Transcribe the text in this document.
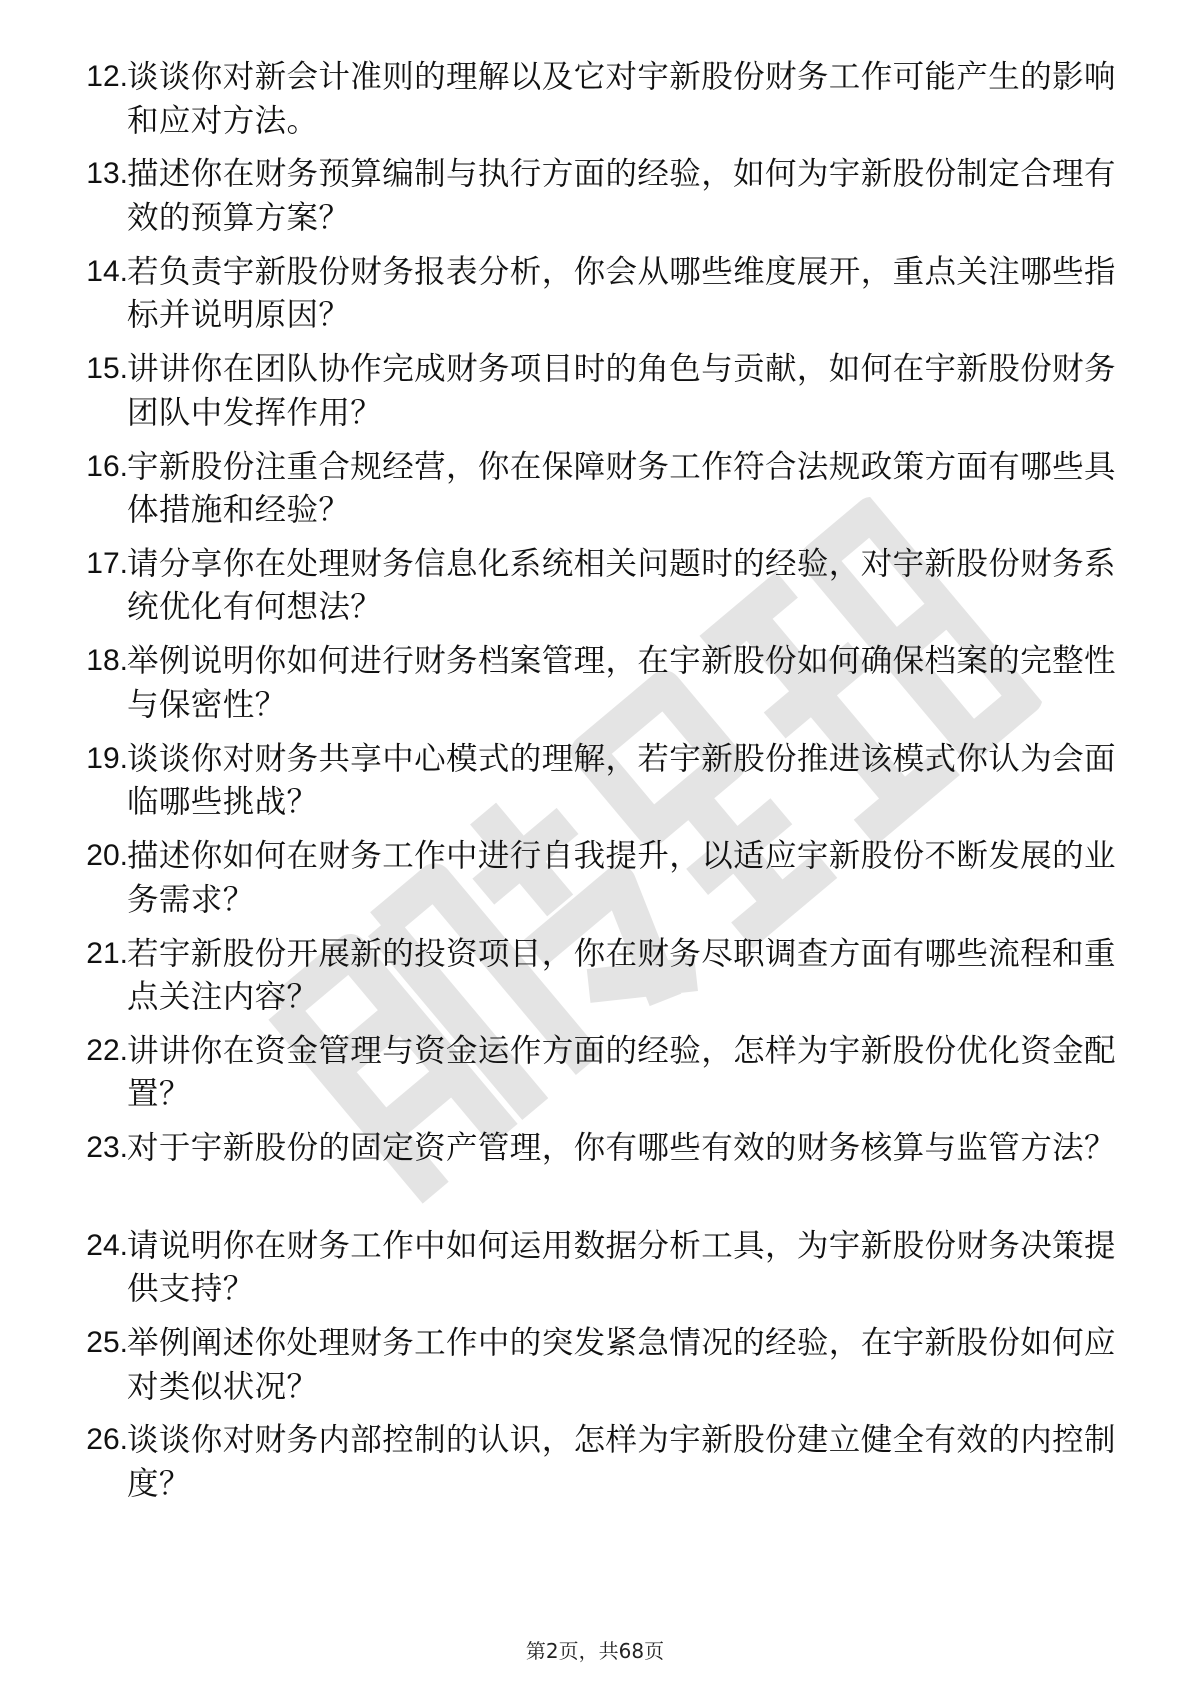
12. 谈谈你对新会计准则的理解以及它对宇新股份财务工作可能产生的影响和应对方法。
13. 描述你在财务预算编制与执行方面的经验，如何为宇新股份制定合理有效的预算方案？
14. 若负责宇新股份财务报表分析，你会从哪些维度展开，重点关注哪些指标并说明原因？
15. 讲讲你在团队协作完成财务项目时的角色与贡献，如何在宇新股份财务团队中发挥作用？
16. 宇新股份注重合规经营，你在保障财务工作符合法规政策方面有哪些具体措施和经验？
17. 请分享你在处理财务信息化系统相关问题时的经验，对宇新股份财务系统优化有何想法？
18. 举例说明你如何进行财务档案管理，在宇新股份如何确保档案的完整性与保密性？
19. 谈谈你对财务共享中心模式的理解，若宇新股份推进该模式你认为会面临哪些挑战？
20. 描述你如何在财务工作中进行自我提升，以适应宇新股份不断发展的业务需求？
21. 若宇新股份开展新的投资项目，你在财务尽职调查方面有哪些流程和重点关注内容？
22. 讲讲你在资金管理与资金运作方面的经验，怎样为宇新股份优化资金配置？
23. 对于宇新股份的固定资产管理，你有哪些有效的财务核算与监管方法？
24. 请说明你在财务工作中如何运用数据分析工具，为宇新股份财务决策提供支持？
25. 举例阐述你处理财务工作中的突发紧急情况的经验，在宇新股份如何应对类似状况？
26. 谈谈你对财务内部控制的认识，怎样为宇新股份建立健全有效的内控制度？
第2页，共68页
